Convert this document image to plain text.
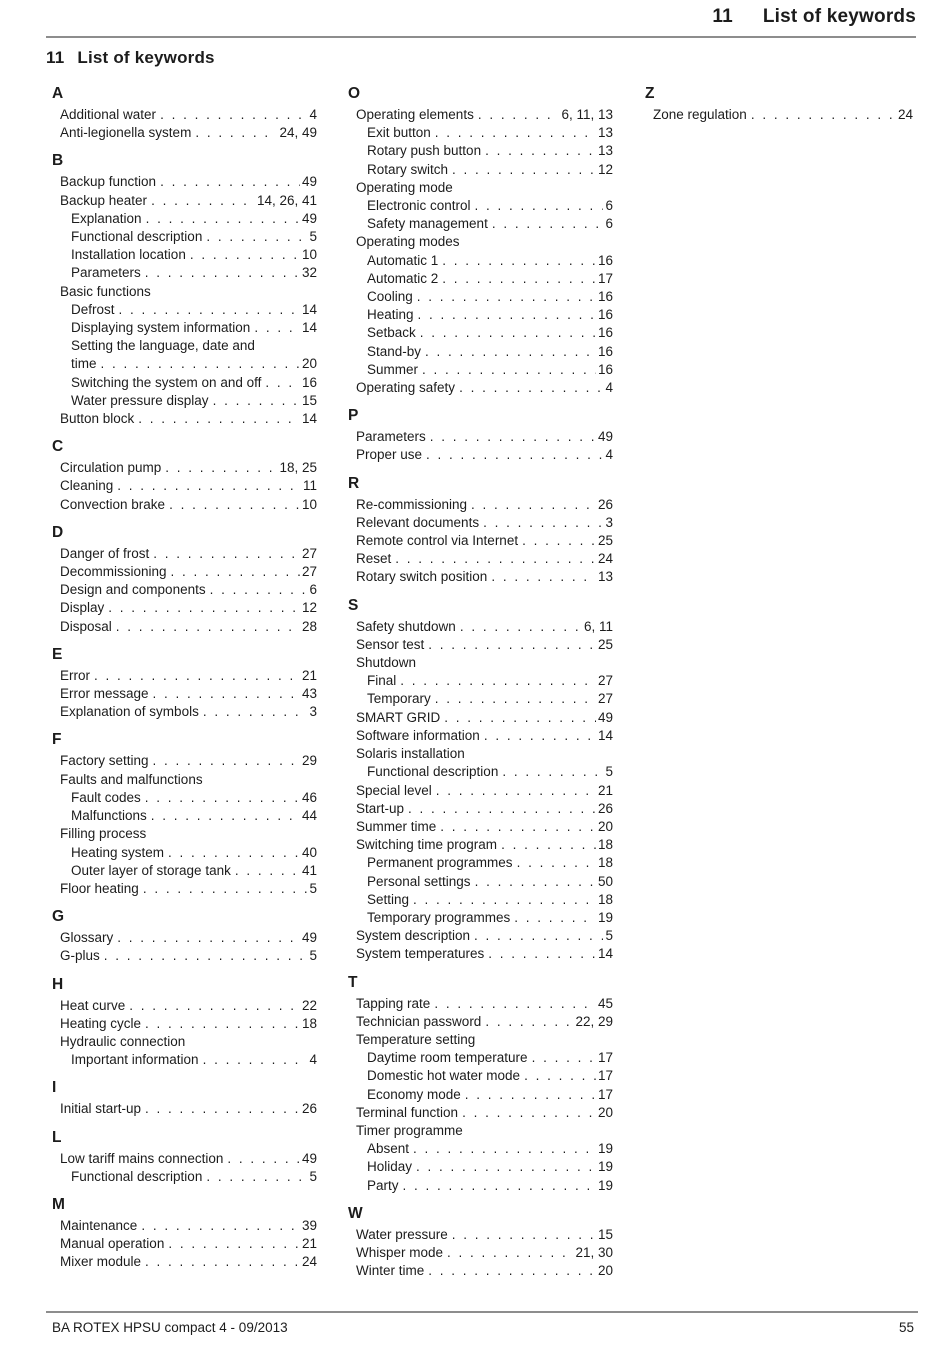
11 List of keywords
11 List of keywords
A
Additional water . . .	4
Anti-legionella system . . .	24, 49
B
Backup function . . .	49
Backup heater . . .	14, 26, 41
Explanation . . .	49
Functional description . . .	5
Installation location . . .	10
Parameters . . .	32
Basic functions
Defrost . . .	14
Displaying system information . . .	14
Setting the language, date and
time . . .	20
Switching the system on and off . . .	16
Water pressure display . . .	15
Button block . . .	14
C
Circulation pump . . .	18, 25
Cleaning . . .	11
Convection brake . . .	10
D
Danger of frost . . .	27
Decommissioning . . .	27
Design and components . . .	6
Display . . .	12
Disposal . . .	28
E
Error . . .	21
Error message . . .	43
Explanation of symbols . . .	3
F
Factory setting . . .	29
Faults and malfunctions
Fault codes . . .	46
Malfunctions . . .	44
Filling process
Heating system . . .	40
Outer layer of storage tank . . .	41
Floor heating . . .	5
G
Glossary . . .	49
G-plus . . .	5
H
Heat curve . . .	22
Heating cycle . . .	18
Hydraulic connection
Important information . . .	4
I
Initial start-up . . .	26
L
Low tariff mains connection . . .	49
Functional description . . .	5
M
Maintenance . . .	39
Manual operation . . .	21
Mixer module . . .	24
O
Operating elements . . .	6, 11, 13
Exit button . . .	13
Rotary push button . . .	13
Rotary switch . . .	12
Operating mode
Electronic control . . .	6
Safety management . . .	6
Operating modes
Automatic 1 . . .	16
Automatic 2 . . .	17
Cooling . . .	16
Heating . . .	16
Setback . . .	16
Stand-by . . .	16
Summer . . .	16
Operating safety . . .	4
P
Parameters . . .	49
Proper use . . .	4
R
Re-commissioning . . .	26
Relevant documents . . .	3
Remote control via Internet . . .	25
Reset . . .	24
Rotary switch position . . .	13
S
Safety shutdown . . .	6, 11
Sensor test . . .	25
Shutdown
Final . . .	27
Temporary . . .	27
SMART GRID . . .	49
Software information . . .	14
Solaris installation
Functional description . . .	5
Special level . . .	21
Start-up . . .	26
Summer time . . .	20
Switching time program . . .	18
Permanent programmes . . .	18
Personal settings . . .	50
Setting . . .	18
Temporary programmes . . .	19
System description . . .	5
System temperatures . . .	14
T
Tapping rate . . .	45
Technician password . . .	22, 29
Temperature setting
Daytime room temperature . . .	17
Domestic hot water mode . . .	17
Economy mode . . .	17
Terminal function . . .	20
Timer programme
Absent . . .	19
Holiday . . .	19
Party . . .	19
W
Water pressure . . .	15
Whisper mode . . .	21, 30
Winter time . . .	20
Z
Zone regulation . . .	24
BA ROTEX HPSU compact 4 - 09/2013	55
